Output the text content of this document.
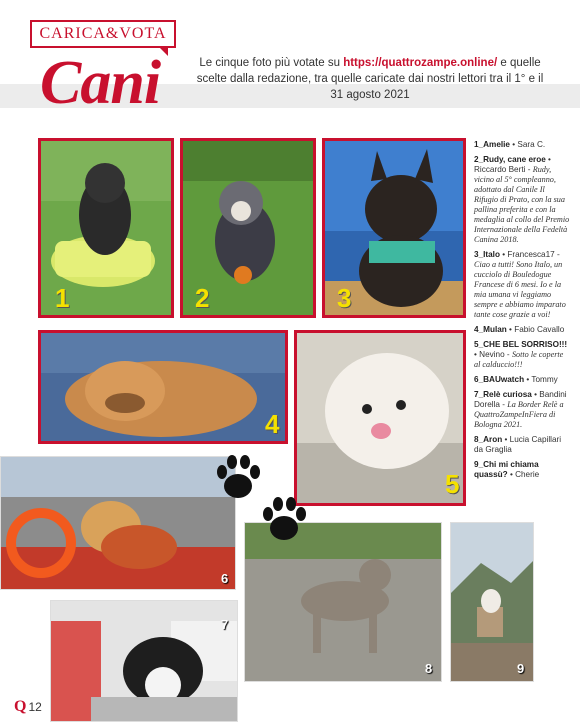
CARICA&VOTA
Cani	Le cinque foto più votate su https://quattrozampe.online/ e quelle scelte dalla redazione, tra quelle caricate dai nostri lettori tra il 1° e il 31 agosto 2021
1	2	3
4
5
6
7
8	9
1_Amelie • Sara C.
2_Rudy, cane eroe • Riccardo Berti - Rudy, vicino al 5° compleanno, adottato dal Canile Il Rifugio di Prato, con la sua pallina preferita e con la medaglia al collo del Premio Internazionale della Fedeltà Canina 2018.
3_Italo • Francesca17 - Ciao a tutti! Sono Italo, un cucciolo di Bouledogue Francese di 6 mesi. Io e la mia umana vi leggiamo sempre e abbiamo imparato tante cose grazie a voi!
4_Mulan • Fabio Cavallo
5_CHE BEL SORRISO!!! • Nevino - Sotto le coperte al calduccio!!!
6_BAUwatch • Tommy
7_Relè curiosa • Bandini Dorella - La Border Relè a QuattroZampeInFiera di Bologna 2021.
8_Aron • Lucia Capillari da Graglia
9_Chi mi chiama quassù? • Cherie
Q 12
